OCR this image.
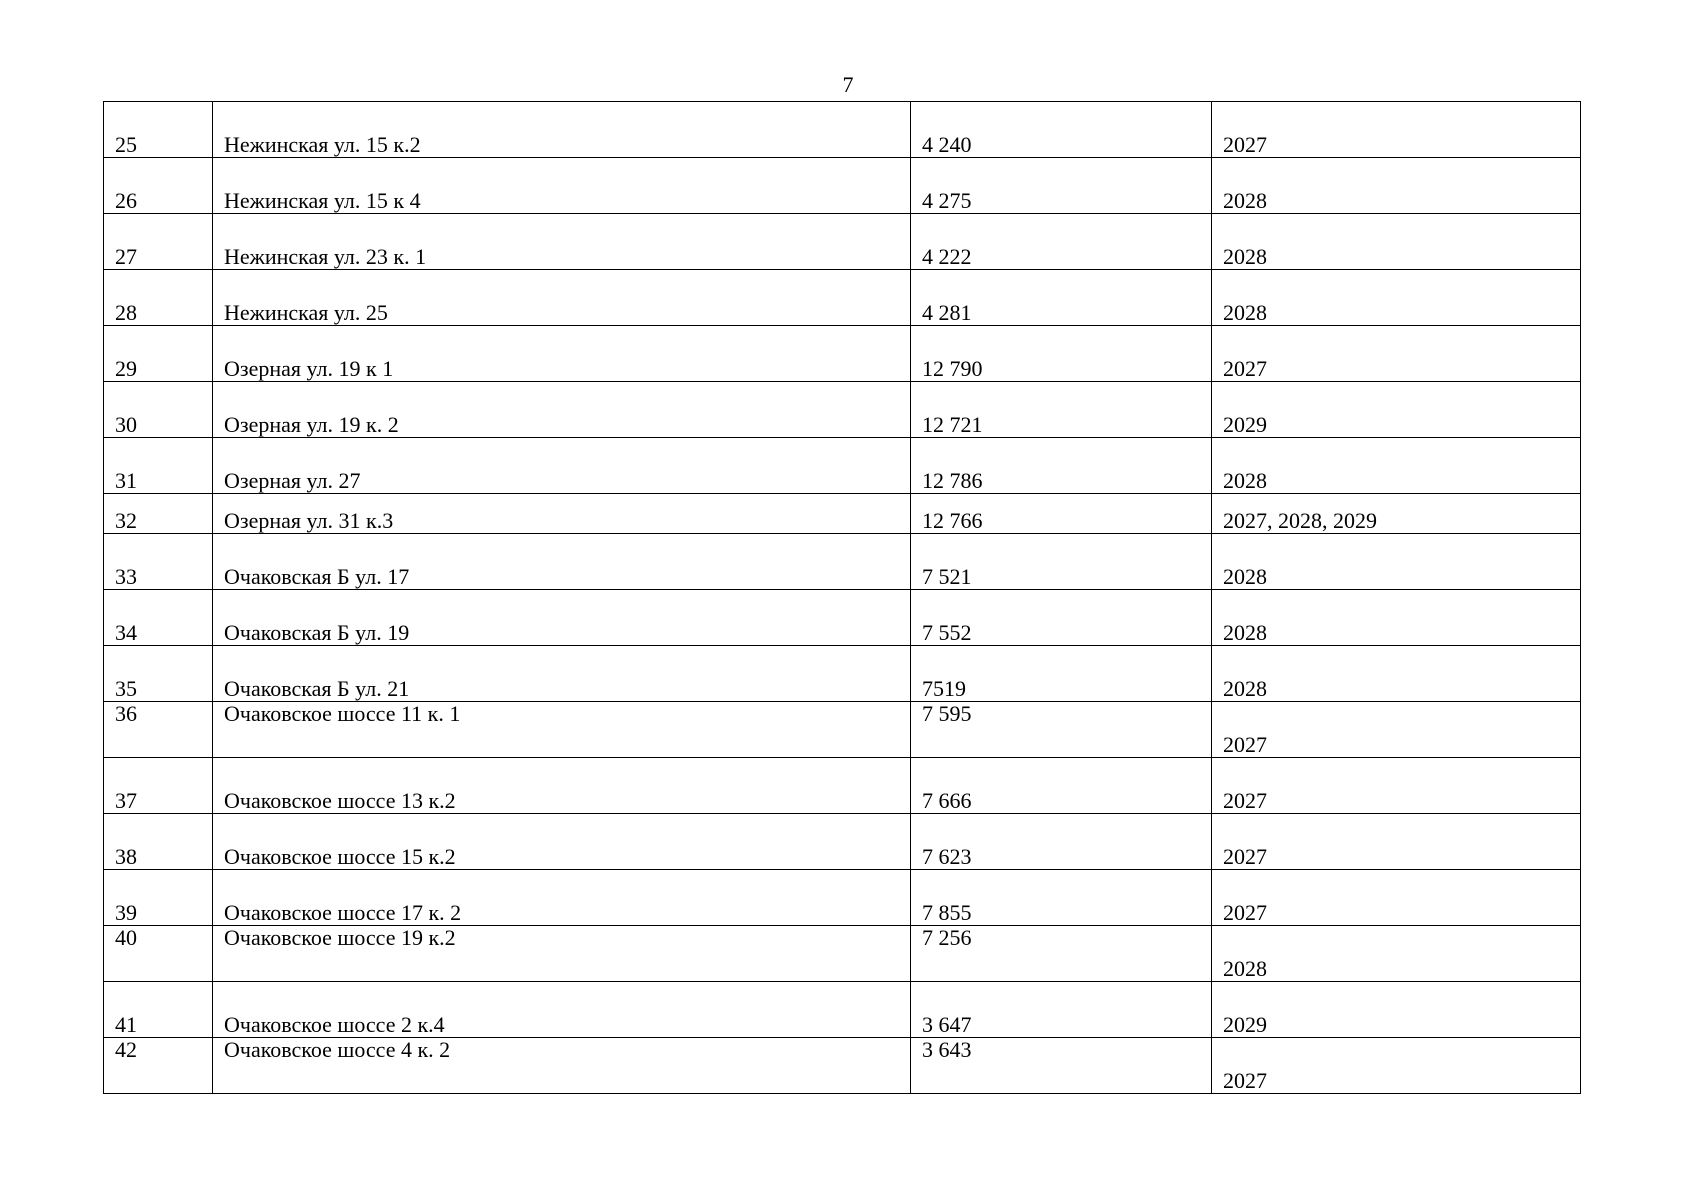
7
25	Нежинская ул. 15 к.2	4 240	2027
26	Нежинская ул. 15 к 4	4 275	2028
27	Нежинская ул. 23 к. 1	4 222	2028
28	Нежинская ул. 25	4 281	2028
29	Озерная ул. 19 к 1	12 790	2027
30	Озерная ул. 19 к. 2	12 721	2029
31	Озерная ул. 27	12 786	2028
32	Озерная ул. 31 к.3	12 766	2027, 2028, 2029
33	Очаковская Б ул. 17	7 521	2028
34	Очаковская Б ул. 19	7 552	2028
35	Очаковская Б ул. 21	7519	2028
36	Очаковское шоссе 11 к. 1	7 595	2027
37	Очаковское шоссе 13 к.2	7 666	2027
38	Очаковское шоссе 15 к.2	7 623	2027
39	Очаковское шоссе 17 к. 2	7 855	2027
40	Очаковское шоссе 19 к.2	7 256	2028
41	Очаковское шоссе 2 к.4	3 647	2029
42	Очаковское шоссе 4 к. 2	3 643	2027
